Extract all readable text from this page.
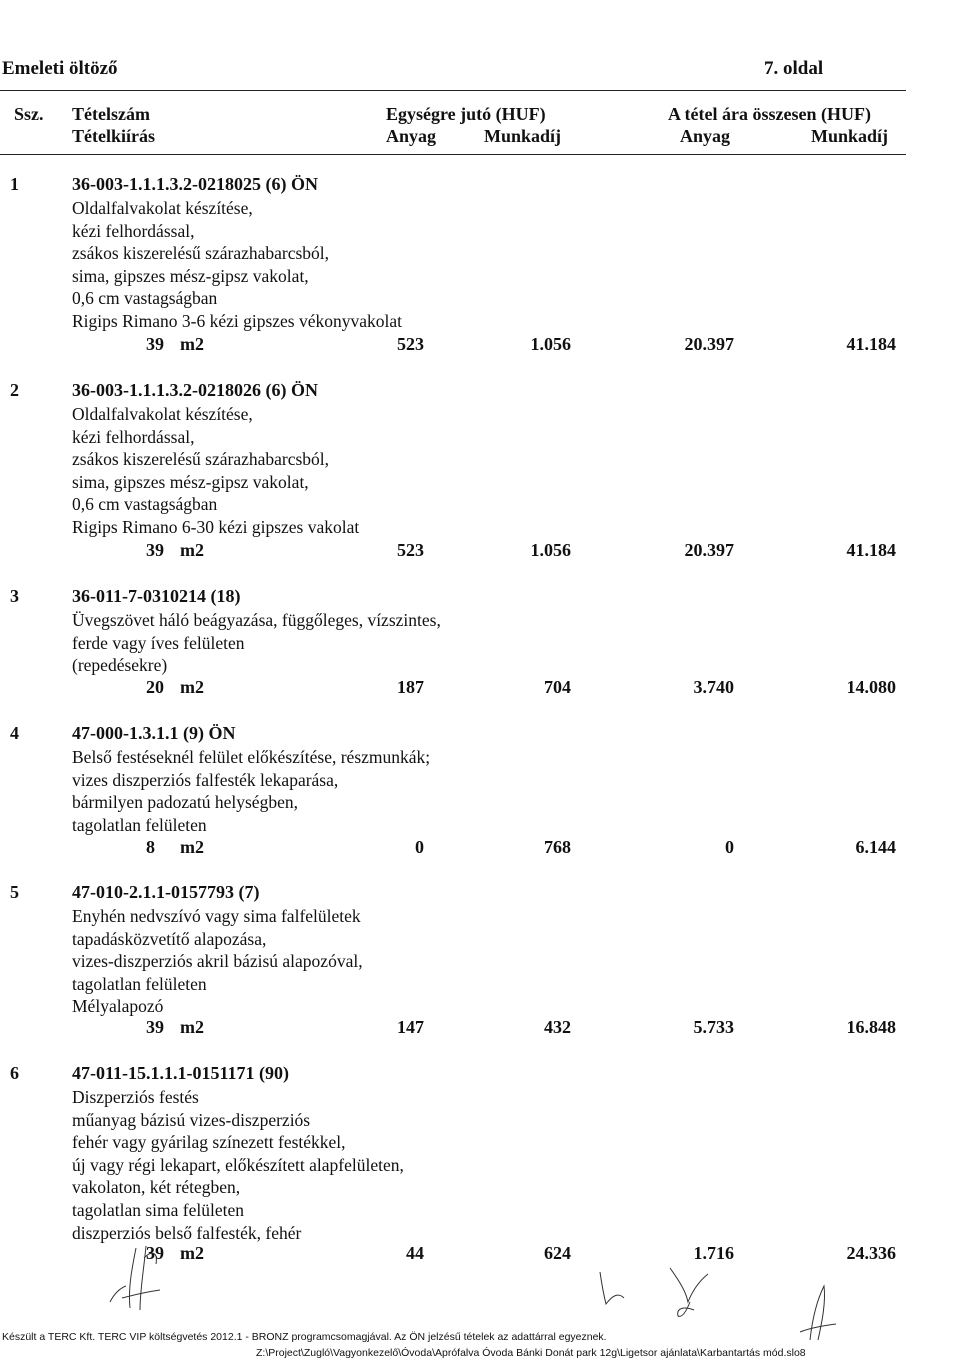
Emeleti öltöző	7. oldal
Ssz. Tételszám
Tételkiírás
Egységre jutó (HUF)	A tétel ára összesen (HUF)
Anyag	Munkadíj	Anyag	Munkadíj
1	36-003-1.1.1.3.2-0218025 (6) ÖN
Oldalfalvakolat készítése,
kézi felhordással,
zsákos kiszerelésű szárazhabarcsból,
sima, gipszes mész-gipsz vakolat,
0,6 cm vastagságban
Rigips Rimano 3-6 kézi gipszes vékonyvakolat
39 m2	523	1.056	20.397	41.184
2	36-003-1.1.1.3.2-0218026 (6) ÖN
Oldalfalvakolat készítése,
kézi felhordással,
zsákos kiszerelésű szárazhabarcsból,
sima, gipszes mész-gipsz vakolat,
0,6 cm vastagságban
Rigips Rimano 6-30 kézi gipszes vakolat
39 m2	523	1.056	20.397	41.184
3	36-011-7-0310214 (18)
Üvegszövet háló beágyazása, függőleges, vízszintes,
ferde vagy íves felületen
(repedésekre)
20 m2	187	704	3.740	14.080
4	47-000-1.3.1.1 (9) ÖN
Belső festéseknél felület előkészítése, részmunkák;
vizes diszperziós falfesték lekaparása,
bármilyen padozatú helységben,
tagolatlan felületen
8 m2	0	768	0	6.144
5	47-010-2.1.1-0157793 (7)
Enyhén nedvszívó vagy sima falfelületek
tapadásközvetítő alapozása,
vizes-diszperziós akril bázisú alapozóval,
tagolatlan felületen
Mélyalapozó
39 m2	147	432	5.733	16.848
6	47-011-15.1.1.1-0151171 (90)
Diszperziós festés
műanyag bázisú vizes-diszperziós
fehér vagy gyárilag színezett festékkel,
új vagy régi lekapart, előkészített alapfelületen,
vakolaton, két rétegben,
tagolatlan sima felületen
diszperziós belső falfesték, fehér
39 m2	44	624	1.716	24.336
Készült a TERC Kft. TERC VIP költségvetés 2012.1 - BRONZ programcsomagjával. Az ÖN jelzésű tételek az adattárral egyeznek.
Z:\Project\Zugló\Vagyonkezelő\Óvoda\Aprófalva Óvoda Bánki Donát park 12g\Ligetsor ajánlata\Karbantartás mód.slo8
